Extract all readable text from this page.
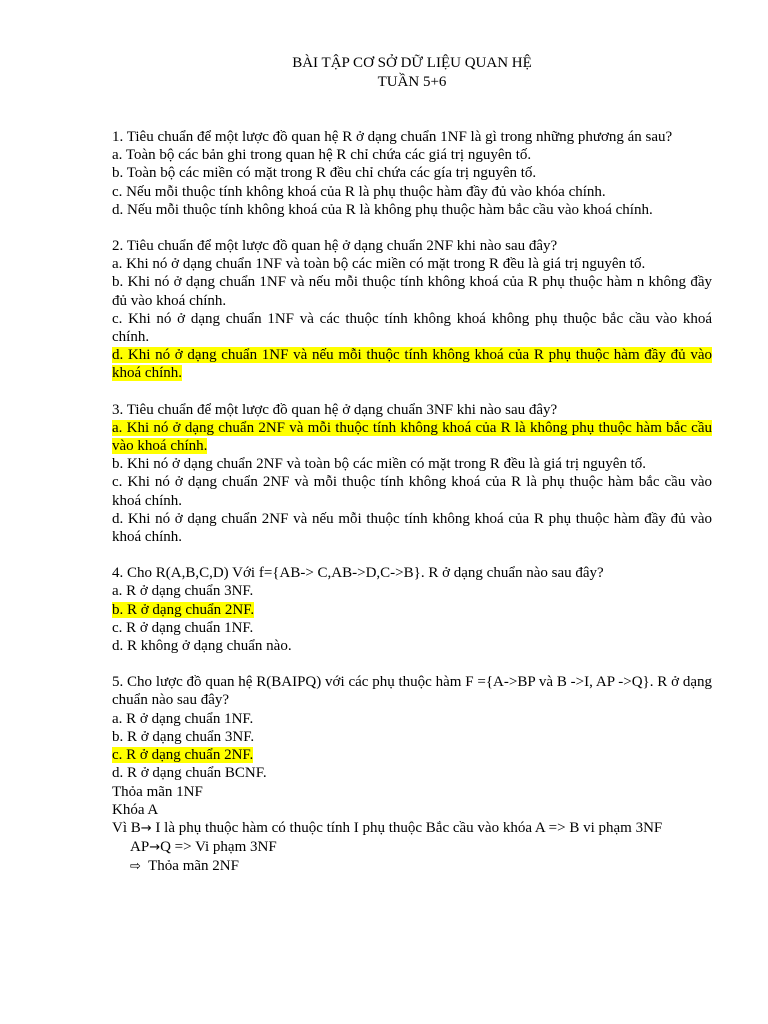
BÀI TẬP CƠ SỞ DỮ LIỆU QUAN HỆ

TUẦN 5+6

1. Tiêu chuẩn để một lược đồ quan hệ R ở dạng chuẩn 1NF là gì trong những phương án sau?

a. Toàn bộ các bản ghi trong quan hệ R chỉ chứa các giá trị nguyên tố.

b. Toàn bộ các miền có mặt trong R đều chỉ chứa các gía trị nguyên tố.

c. Nếu mỗi thuộc tính không khoá của R là phụ thuộc hàm đầy đủ vào khóa chính.

d. Nếu mỗi thuộc tính không khoá của R là không phụ thuộc hàm bắc cầu vào khoá chính.

2. Tiêu chuẩn để một lược đồ quan hệ ở dạng chuẩn 2NF khi nào sau đây?

a. Khi nó ở dạng chuẩn 1NF và toàn bộ các miền có mặt trong R đều là giá trị nguyên tố.

b. Khi nó ở dạng chuẩn 1NF và nếu mỗi thuộc tính không khoá của R phụ thuộc hàm n không đầy đủ vào khoá chính.

c. Khi nó ở dạng chuẩn 1NF và các thuộc tính không khoá không phụ thuộc bắc cầu vào khoá chính.

d. Khi nó ở dạng chuẩn 1NF và nếu mỗi thuộc tính không khoá của R phụ thuộc hàm đầy đủ vào khoá chính.

3. Tiêu chuẩn để một lược đồ quan hệ ở dạng chuẩn 3NF khi nào sau đây?

a. Khi nó ở dạng chuẩn 2NF và mỗi thuộc tính không khoá của R là không phụ thuộc hàm bắc cầu vào khoá chính.

b. Khi nó ở dạng chuẩn 2NF và toàn bộ các miền có mặt trong R đều là giá trị nguyên tố.

c. Khi nó ở dạng chuẩn 2NF và mỗi thuộc tính không khoá của R là phụ thuộc hàm bắc cầu vào khoá chính.

d. Khi nó ở dạng chuẩn 2NF và nếu mỗi thuộc tính không khoá của R phụ thuộc hàm đầy đủ vào khoá chính.

4. Cho R(A,B,C,D) Với f={AB-> C,AB->D,C->B}. R ở dạng chuẩn nào sau đây?

a. R ở dạng chuẩn 3NF.

b. R ở dạng chuẩn 2NF.

c. R ở dạng chuẩn 1NF.

d. R không ở dạng chuẩn nào.

5. Cho lược đồ quan hệ R(BAIPQ) với các phụ thuộc hàm F ={A->BP và B ->I, AP ->Q}. R ở dạng chuẩn nào sau đây?

a. R ở dạng chuẩn 1NF.

b. R ở dạng chuẩn 3NF.

c. R ở dạng chuẩn 2NF.

d. R ở dạng chuẩn BCNF.

Thỏa mãn 1NF

Khóa A

Vì B→ I là phụ thuộc hàm có thuộc tính I phụ thuộc Bắc cầu vào khóa A => B vi phạm 3NF

AP→Q => Vi phạm 3NF

⇨ Thỏa mãn 2NF
